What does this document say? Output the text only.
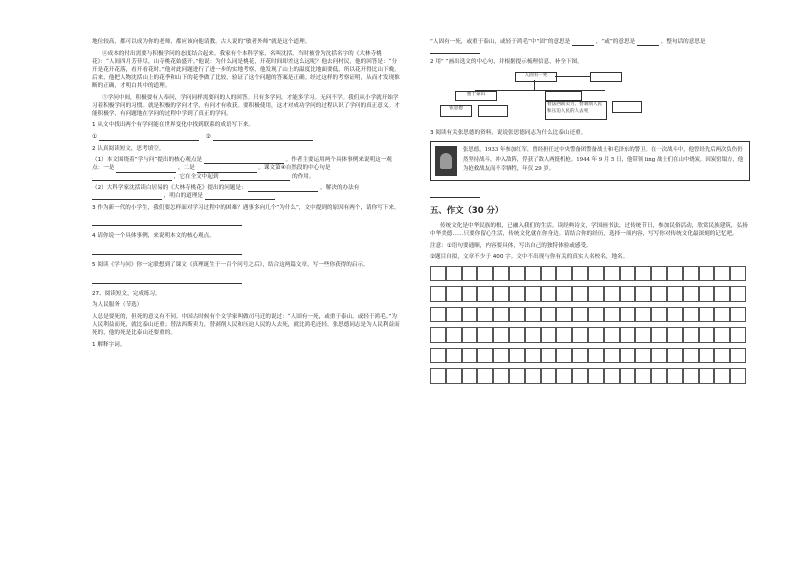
地位较高，都可以成为你的老师，都应该向他请教。古人说的“敏者外师”就是这个道理。

④成本的付出需要与积极学问的态度结合起来。我家有个本科学家，名叫沈括。当时被誉为沈括名字的《大林寺桃花》：“人间四月芳菲尽，山寺桃花始盛开。”他说：为什么同是桃花，开花时间却差这么远呢？他去问村民，他的回答是：“分开是花开花落，看开看花时。”他对此问题进行了进一步的实地考察，他发现了山上的温度比地面要低，所以花开得比山下晚。后来，他把人物沈括山上的花季和山下的花季做了比较，验证了这个问题的答案是正确。经过这样的考察证明，从而才发现推断的正确，才明白其中的道理。

⑤学问中间，积极要有人奉问，学问同样需要问的人的回答。只有多学问，才能多学习。无问不学。我们从小学就开始学习着积极学问的习惯。就是积极的学问才学，有问才有收获。要积极使用，这才对成功学问的过程认识了学问的真正意义。才能积极学，有问题地在学问的过程中学到了真正的学问。

1 从文中找出两个有学问能在世界变化中找到联系的成语写下来。

①	②

2 认真阅读短文，思考填空。

（1）本文围绕着“学与问”提出的核心观点是	。作者主要运用两个具体事例来说明这一观点：一是	，二是	。课文第④自然段的中心句是  ，它在全文中起到	的作用。

（2）大科学家沈括读白居易的《大林寺桃花》提出的问题是：	，解决的办法有  ，明白的道理是

3 作为新一代的小学生，我们要怎样面对学习过程中的困难？遇事多向几个“为什么”，文中提到的原因有两个，请你写下来。

4 请你说一个具体事例，来说明本文的核心观点。

5 阅读《学与问》你一定联想到了课文《真理诞生于一百个问号之后》，结合这两篇文章，写一些你获得的启示。

27、阅读短文，完成练习。

为人民服务（节选）

人总是要死的，但死的意义有不同。中国古时候有个文学家叫做司马迁的说过：“人固有一死，或重于泰山，或轻于鸿毛。”为人民利益而死，就比泰山还重；替法西斯卖力，替剥削人民和压迫人民的人去死，就比鸿毛还轻。张思德同志是为人民利益而死的，他的死是比泰山还要重的。

1 解释字词。

“人固有一死，或重于泰山，或轻于鸿毛”中“固”的意思是	，“或”的意思是	。整句话的意思是

2 用“ ”画出选文的中心句，并根据提示梳理信息，补全下图。

人固有一死
重于泰山
张思德
替法西斯卖力、替剥削人民和压迫人民的人去死

3 阅读有关张思德的资料，说说张思德同志为什么比泰山还重。

张思德，1933 年参加红军，曾经担任过中央警备团警备战士和毛泽东的警卫。在一次战斗中，他曾经先后两次负伤仍然坚持战斗，冲入敌阵，俘获了敌人两挺机枪。1944 年 9 月 5 日，他带领 ling 战士们在山中烧炭，因炭窑塌方，他为抢救战友而不幸牺牲，年仅 29 岁。
五、作文（30 分）

传统文化是中华民族的根，已融入我们的生活。读经典诗文，学国画书法，过传统节日，参加民俗活动，欣赏民族建筑，弘扬中华美德……只要你留心生活，传统文化就在你身边。请结合你的经历，选择一项内容，写写你对传统文化最深刻的记忆吧。

注意：①语句要通顺，内容要具体，写出自己的独特体验或感受。

②题目自拟，文章不少于 400 字。文中不出现与你有关的真实人名校名，地名。
